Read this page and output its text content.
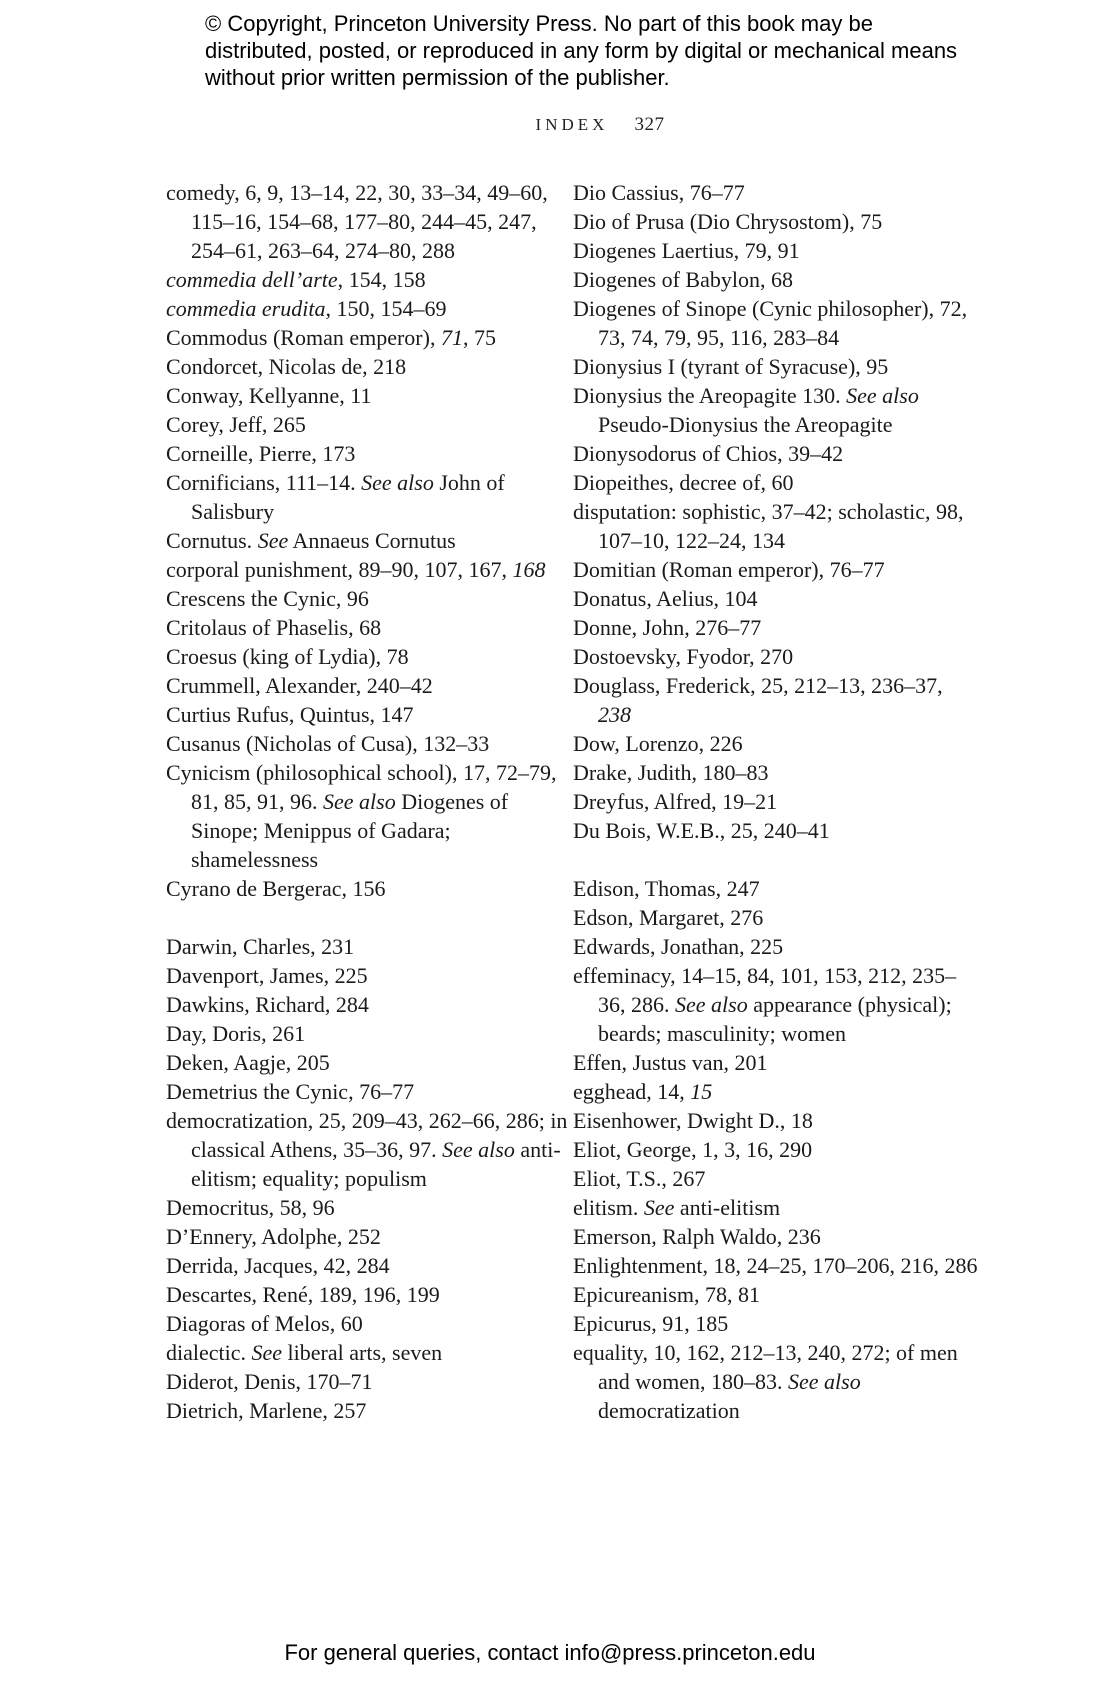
© Copyright, Princeton University Press. No part of this book may be distributed, posted, or reproduced in any form by digital or mechanical means without prior written permission of the publisher.
INDEX 327
comedy, 6, 9, 13–14, 22, 30, 33–34, 49–60, 115–16, 154–68, 177–80, 244–45, 247, 254–61, 263–64, 274–80, 288
commedia dell’arte, 154, 158
commedia erudita, 150, 154–69
Commodus (Roman emperor), 71, 75
Condorcet, Nicolas de, 218
Conway, Kellyanne, 11
Corey, Jeff, 265
Corneille, Pierre, 173
Cornificians, 111–14. See also John of Salisbury
Cornutus. See Annaeus Cornutus
corporal punishment, 89–90, 107, 167, 168
Crescens the Cynic, 96
Critolaus of Phaselis, 68
Croesus (king of Lydia), 78
Crummell, Alexander, 240–42
Curtius Rufus, Quintus, 147
Cusanus (Nicholas of Cusa), 132–33
Cynicism (philosophical school), 17, 72–79, 81, 85, 91, 96. See also Diogenes of Sinope; Menippus of Gadara; shamelessness
Cyrano de Bergerac, 156
Darwin, Charles, 231
Davenport, James, 225
Dawkins, Richard, 284
Day, Doris, 261
Deken, Aagje, 205
Demetrius the Cynic, 76–77
democratization, 25, 209–43, 262–66, 286; in classical Athens, 35–36, 97. See also anti-elitism; equality; populism
Democritus, 58, 96
D’Ennery, Adolphe, 252
Derrida, Jacques, 42, 284
Descartes, René, 189, 196, 199
Diagoras of Melos, 60
dialectic. See liberal arts, seven
Diderot, Denis, 170–71
Dietrich, Marlene, 257
Dio Cassius, 76–77
Dio of Prusa (Dio Chrysostom), 75
Diogenes Laertius, 79, 91
Diogenes of Babylon, 68
Diogenes of Sinope (Cynic philosopher), 72, 73, 74, 79, 95, 116, 283–84
Dionysius I (tyrant of Syracuse), 95
Dionysius the Areopagite 130. See also Pseudo-Dionysius the Areopagite
Dionysodorus of Chios, 39–42
Diopeithes, decree of, 60
disputation: sophistic, 37–42; scholastic, 98, 107–10, 122–24, 134
Domitian (Roman emperor), 76–77
Donatus, Aelius, 104
Donne, John, 276–77
Dostoevsky, Fyodor, 270
Douglass, Frederick, 25, 212–13, 236–37, 238
Dow, Lorenzo, 226
Drake, Judith, 180–83
Dreyfus, Alfred, 19–21
Du Bois, W.E.B., 25, 240–41
Edison, Thomas, 247
Edson, Margaret, 276
Edwards, Jonathan, 225
effeminacy, 14–15, 84, 101, 153, 212, 235–36, 286. See also appearance (physical); beards; masculinity; women
Effen, Justus van, 201
egghead, 14, 15
Eisenhower, Dwight D., 18
Eliot, George, 1, 3, 16, 290
Eliot, T.S., 267
elitism. See anti-elitism
Emerson, Ralph Waldo, 236
Enlightenment, 18, 24–25, 170–206, 216, 286
Epicureanism, 78, 81
Epicurus, 91, 185
equality, 10, 162, 212–13, 240, 272; of men and women, 180–83. See also democratization
For general queries, contact info@press.princeton.edu
